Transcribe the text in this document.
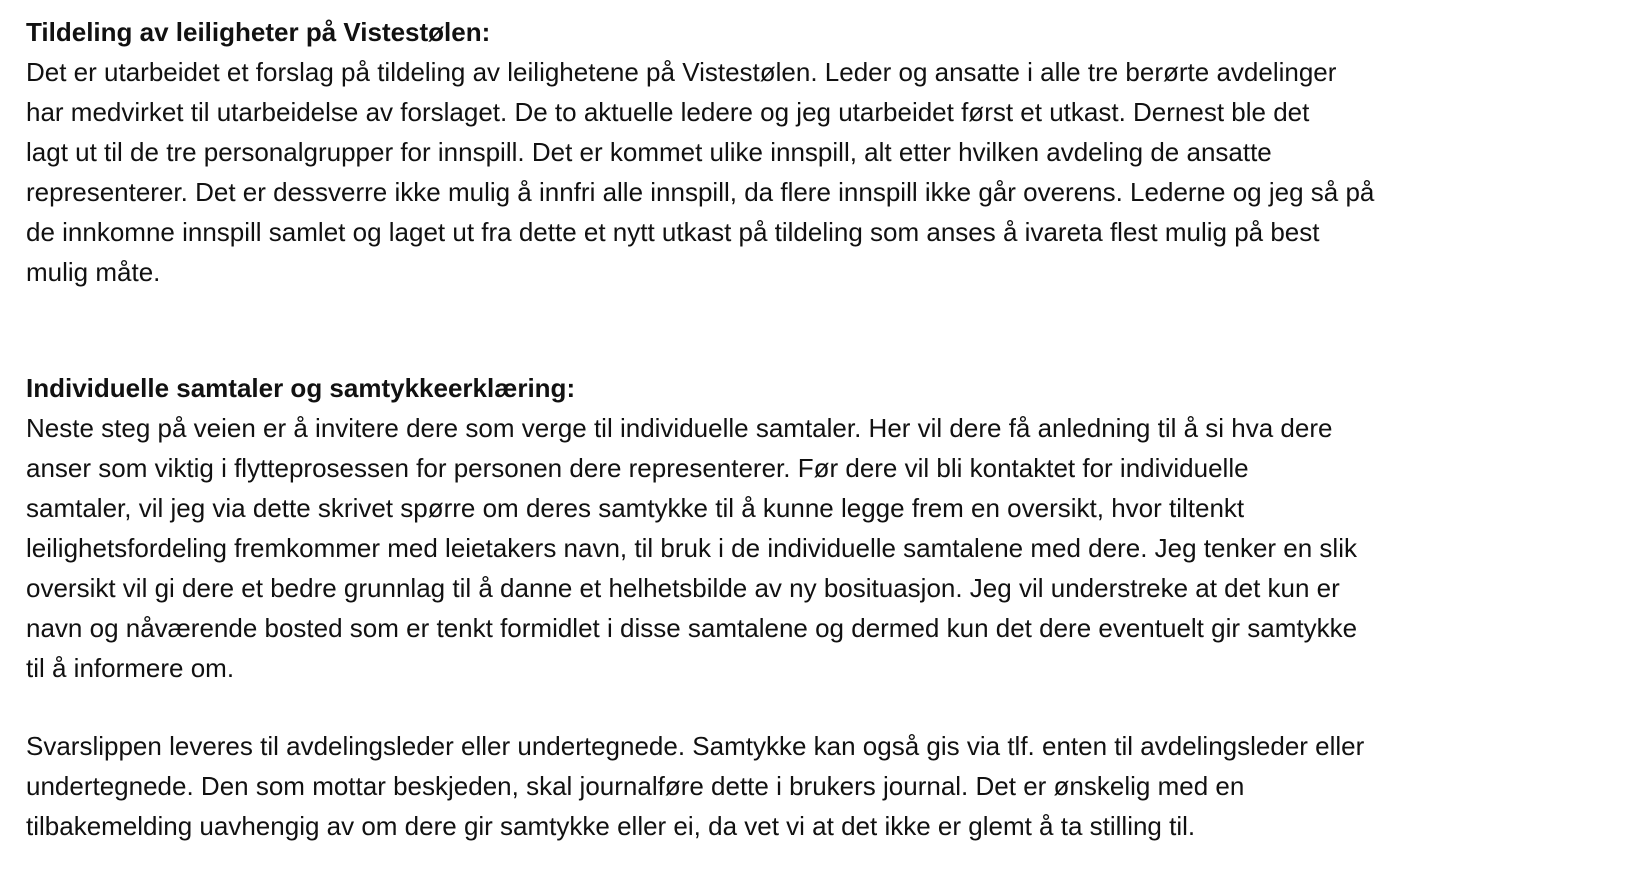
Tildeling av leiligheter på Vistestølen:

Det er utarbeidet et forslag på tildeling av leilighetene på Vistestølen. Leder og ansatte i alle tre berørte avdelinger

har medvirket til utarbeidelse av forslaget. De to aktuelle ledere og jeg utarbeidet først et utkast. Dernest ble det

lagt ut til de tre personalgrupper for innspill. Det er kommet ulike innspill, alt etter hvilken avdeling de ansatte

representerer. Det er dessverre ikke mulig å innfri alle innspill, da flere innspill ikke går overens. Lederne og jeg så på

de innkomne innspill samlet og laget ut fra dette et nytt utkast på tildeling som anses å ivareta flest mulig på best

mulig måte.

Individuelle samtaler og samtykkeerklæring:

Neste steg på veien er å invitere dere som verge til individuelle samtaler. Her vil dere få anledning til å si hva dere

anser som viktig i flytteprosessen for personen dere representerer. Før dere vil bli kontaktet for individuelle

samtaler, vil jeg via dette skrivet spørre om deres samtykke til å kunne legge frem en oversikt, hvor tiltenkt

leilighetsfordeling fremkommer med leietakers navn, til bruk i de individuelle samtalene med dere. Jeg tenker en slik

oversikt vil gi dere et bedre grunnlag til å danne et helhetsbilde av ny bosituasjon. Jeg vil understreke at det kun er

navn og nåværende bosted som er tenkt formidlet i disse samtalene og dermed kun det dere eventuelt gir samtykke

til å informere om.

Svarslippen leveres til avdelingsleder eller undertegnede. Samtykke kan også gis via tlf. enten til avdelingsleder eller

undertegnede. Den som mottar beskjeden, skal journalføre dette i brukers journal. Det er ønskelig med en

tilbakemelding uavhengig av om dere gir samtykke eller ei, da vet vi at det ikke er glemt å ta stilling til.
